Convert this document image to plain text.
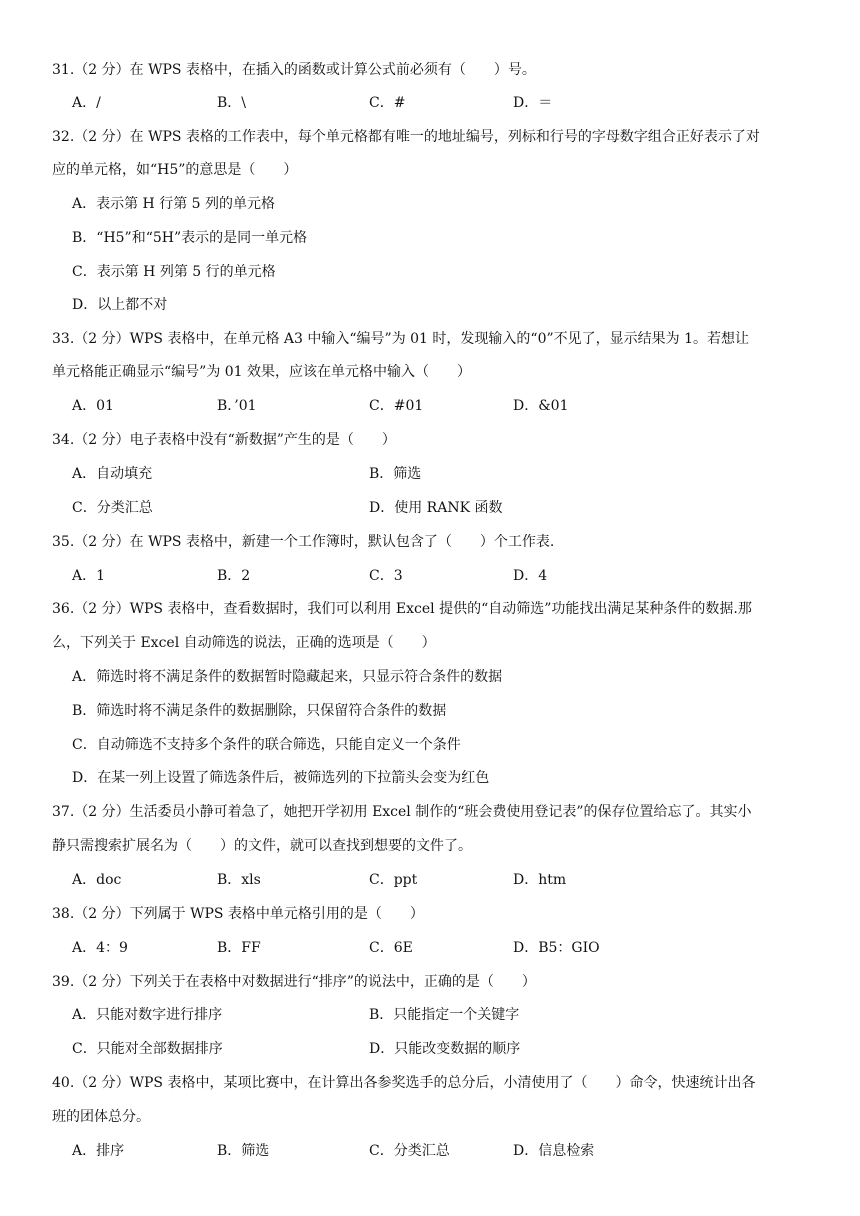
31.（2 分）在 WPS 表格中，在插入的函数或计算公式前必须有（　　）号。
A．/	B．\	C．#	D．＝
32.（2 分）在 WPS 表格的工作表中，每个单元格都有唯一的地址编号，列标和行号的字母数字组合正好表示了对
应的单元格，如“H5”的意思是（　　）
A．表示第 H 行第 5 列的单元格
B．“H5”和“5H”表示的是同一单元格
C．表示第 H 列第 5 行的单元格
D．以上都不对
33.（2 分）WPS 表格中，在单元格 A3 中输入“编号”为 01 时，发现输入的“0”不见了，显示结果为 1。若想让
单元格能正确显示“编号”为 01 效果，应该在单元格中输入（　　）
A．01	B．’01	C．#01	D．&01
34.（2 分）电子表格中没有“新数据”产生的是（　　）
A．自动填充	B．筛选
C．分类汇总	D．使用 RANK 函数
35.（2 分）在 WPS 表格中，新建一个工作簿时，默认包含了（　　）个工作表.
A．1	B．2	C．3	D．4
36.（2 分）WPS 表格中，查看数据时，我们可以利用 Excel 提供的“自动筛选”功能找出满足某种条件的数据.那
么，下列关于 Excel 自动筛选的说法，正确的选项是（　　）
A．筛选时将不满足条件的数据暂时隐藏起来，只显示符合条件的数据
B．筛选时将不满足条件的数据删除，只保留符合条件的数据
C．自动筛选不支持多个条件的联合筛选，只能自定义一个条件
D．在某一列上设置了筛选条件后，被筛选列的下拉箭头会变为红色
37.（2 分）生活委员小静可着急了，她把开学初用 Excel 制作的“班会费使用登记表”的保存位置给忘了。其实小
静只需搜索扩展名为（　　）的文件，就可以查找到想要的文件了。
A．doc	B．xls	C．ppt	D．htm
38.（2 分）下列属于 WPS 表格中单元格引用的是（　　）
A．4：9	B．FF	C．6E	D．B5：GIO
39.（2 分）下列关于在表格中对数据进行“排序”的说法中，正确的是（　　）
A．只能对数字进行排序	B．只能指定一个关键字
C．只能对全部数据排序	D．只能改变数据的顺序
40.（2 分）WPS 表格中，某项比赛中，在计算出各参奖选手的总分后，小清使用了（　　）命令，快速统计出各
班的团体总分。
A．排序	B．筛选	C．分类汇总	D．信息检索
